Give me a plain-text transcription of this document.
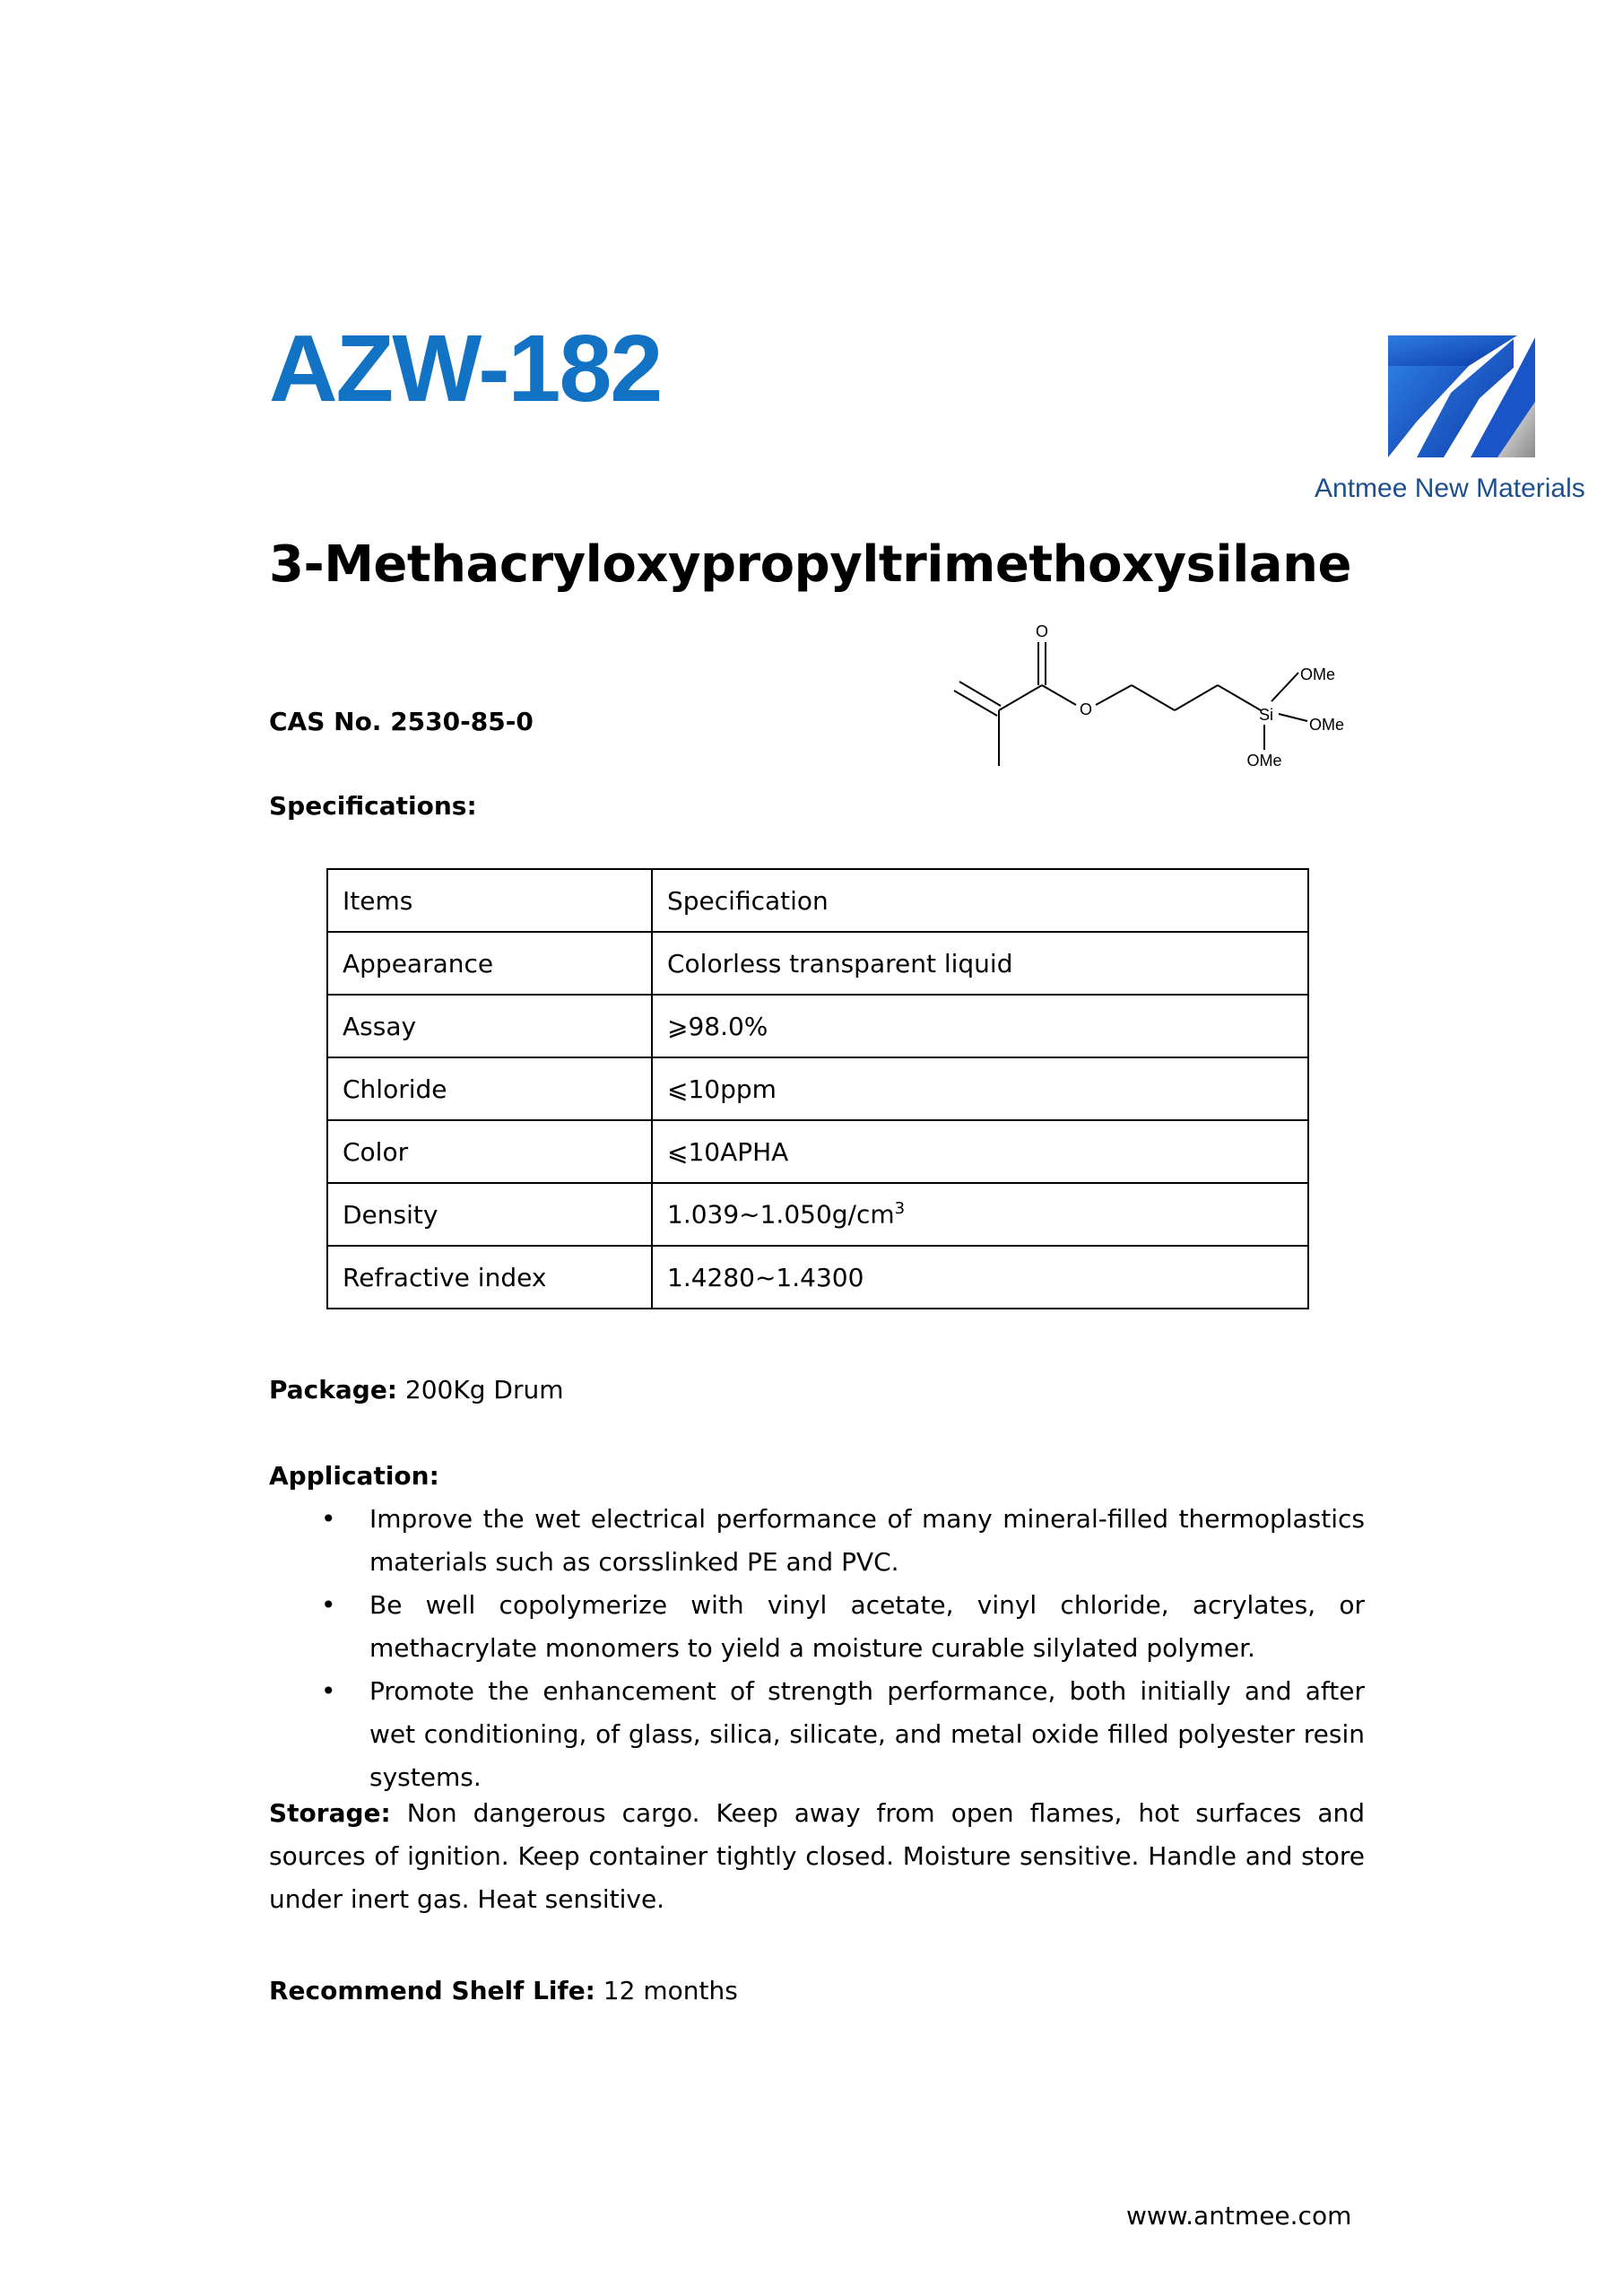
AZW-182
Antmee New Materials
3-Methacryloxypropyltrimethoxysilane
O
O	Si
OMe
OMe
OMe
CAS No. 2530-85-0
Specifications:
Items	Specification
Appearance	Colorless transparent liquid
Assay	⩾98.0%
Chloride	⩽10ppm
Color	⩽10APHA
Density	$1.039\sim 1.050g/cm^3$
Refractive index	1.4280~1.4300
Package: 200Kg Drum
Application:
• Improve the wet electrical performance of many mineral-filled thermoplastics materials such as corsslinked PE and PVC.
• Be well copolymerize with vinyl acetate, vinyl chloride, acrylates, or methacrylate monomers to yield a moisture curable silylated polymer.
• Promote the enhancement of strength performance, both initially and after wet conditioning, of glass, silica, silicate, and metal oxide filled polyester resin systems.
Storage: Non dangerous cargo. Keep away from open flames, hot surfaces and sources of ignition. Keep container tightly closed. Moisture sensitive. Handle and store under inert gas. Heat sensitive.
Recommend Shelf Life: 12 months
www.antmee.com
